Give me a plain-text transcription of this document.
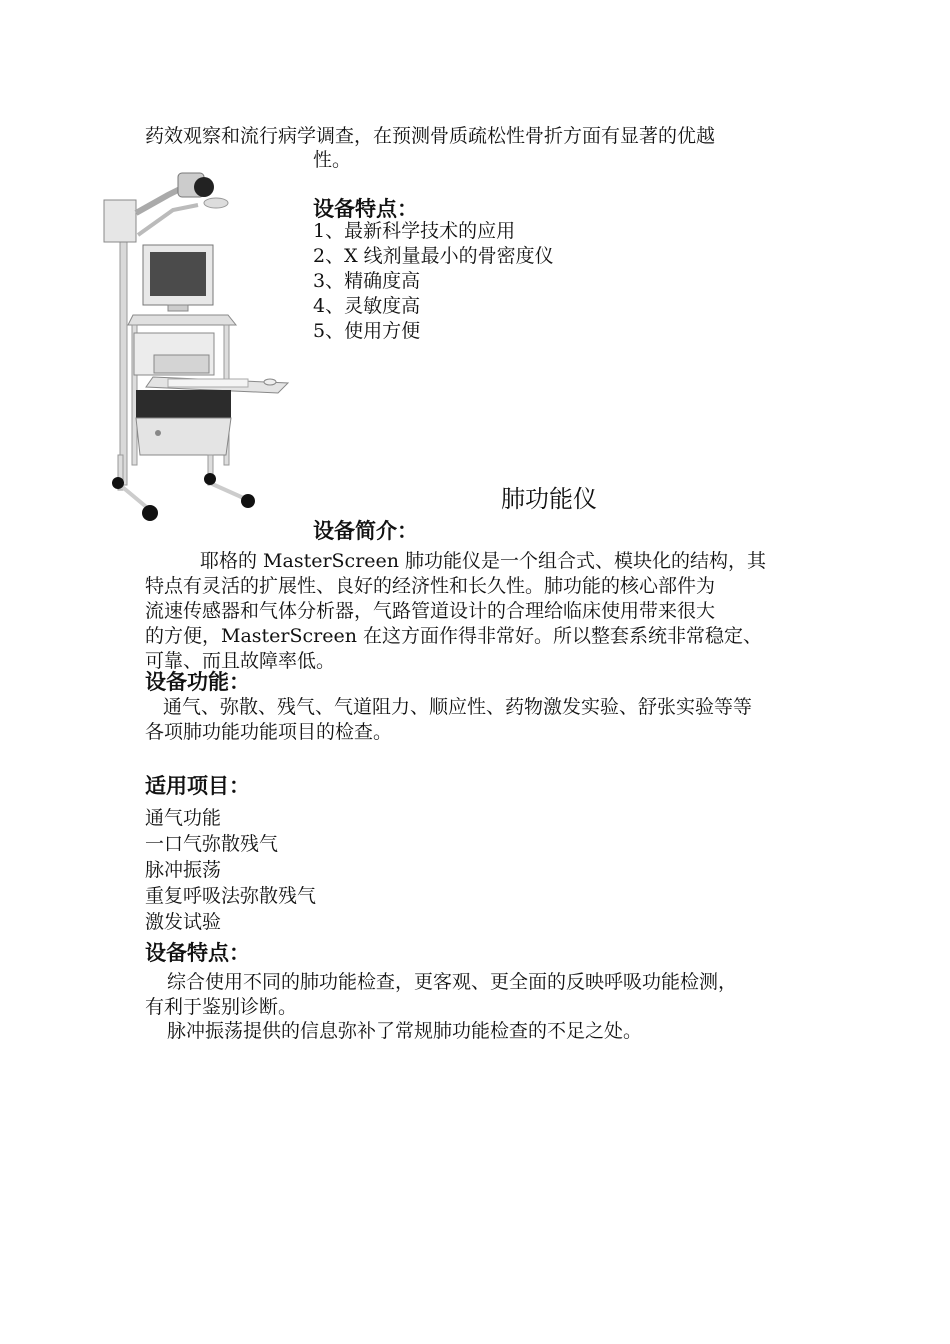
药效观察和流行病学调查，在预测骨质疏松性骨折方面有显著的优越
性。
设备特点：
1、最新科学技术的应用
2、X 线剂量最小的骨密度仪
3、精确度高
4、灵敏度高
5、使用方便
肺功能仪
设备简介：
耶格的 MasterScreen 肺功能仪是一个组合式、模块化的结构，其
特点有灵活的扩展性、良好的经济性和长久性。肺功能的核心部件为
流速传感器和气体分析器，气路管道设计的合理给临床使用带来很大
的方便，MasterScreen 在这方面作得非常好。所以整套系统非常稳定、
可靠、而且故障率低。
设备功能：
通气、弥散、残气、气道阻力、顺应性、药物激发实验、舒张实验等等
各项肺功能功能项目的检查。
适用项目：
通气功能
一口气弥散残气
脉冲振荡
重复呼吸法弥散残气
激发试验
设备特点：
综合使用不同的肺功能检查，更客观、更全面的反映呼吸功能检测，
有利于鉴别诊断。
脉冲振荡提供的信息弥补了常规肺功能检查的不足之处。
